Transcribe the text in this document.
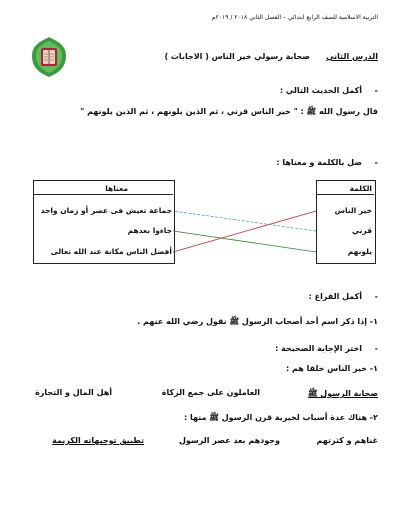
التربية الاسلامية للصف الرابع ابتدائي – الفصل الثاني ٢٠١٨ / ٢٠١٩م
الدرس الثاني
صحابة رسولي خير الناس ( الاجابات )
-
أكمل الحديث التالي :
قال رسول الله ﷺ : " خير الناس قرني ، ثم الذين يلونهم ، ثم الذين يلونهم "
-
صل بالكلمة و معناها :
الكلمة
خير الناس
قرني
يلونهم
معناها
جماعة تعيش فى عصر أو زمان واحد
جاءوا بعدهم
أفضل الناس مكانة عند الله تعالى
-
أكمل الفراغ :
١- إذا ذكر اسم أحد أصحاب الرسول ﷺ نقول رضي الله عنهم .
-
اختر الإجابة الصحيحة :
١- خير الناس خلقا هم :
صحابة الرسول ﷺ
العاملون على جمع الزكاة
أهل المال و التجارة
٢- هناك عدة أسباب لخيرية قرن الرسول ﷺ منها :
تطبيق توجيهاته الكريمة	وجودهم بعد عصر الرسول	غناهم و كثرتهم
